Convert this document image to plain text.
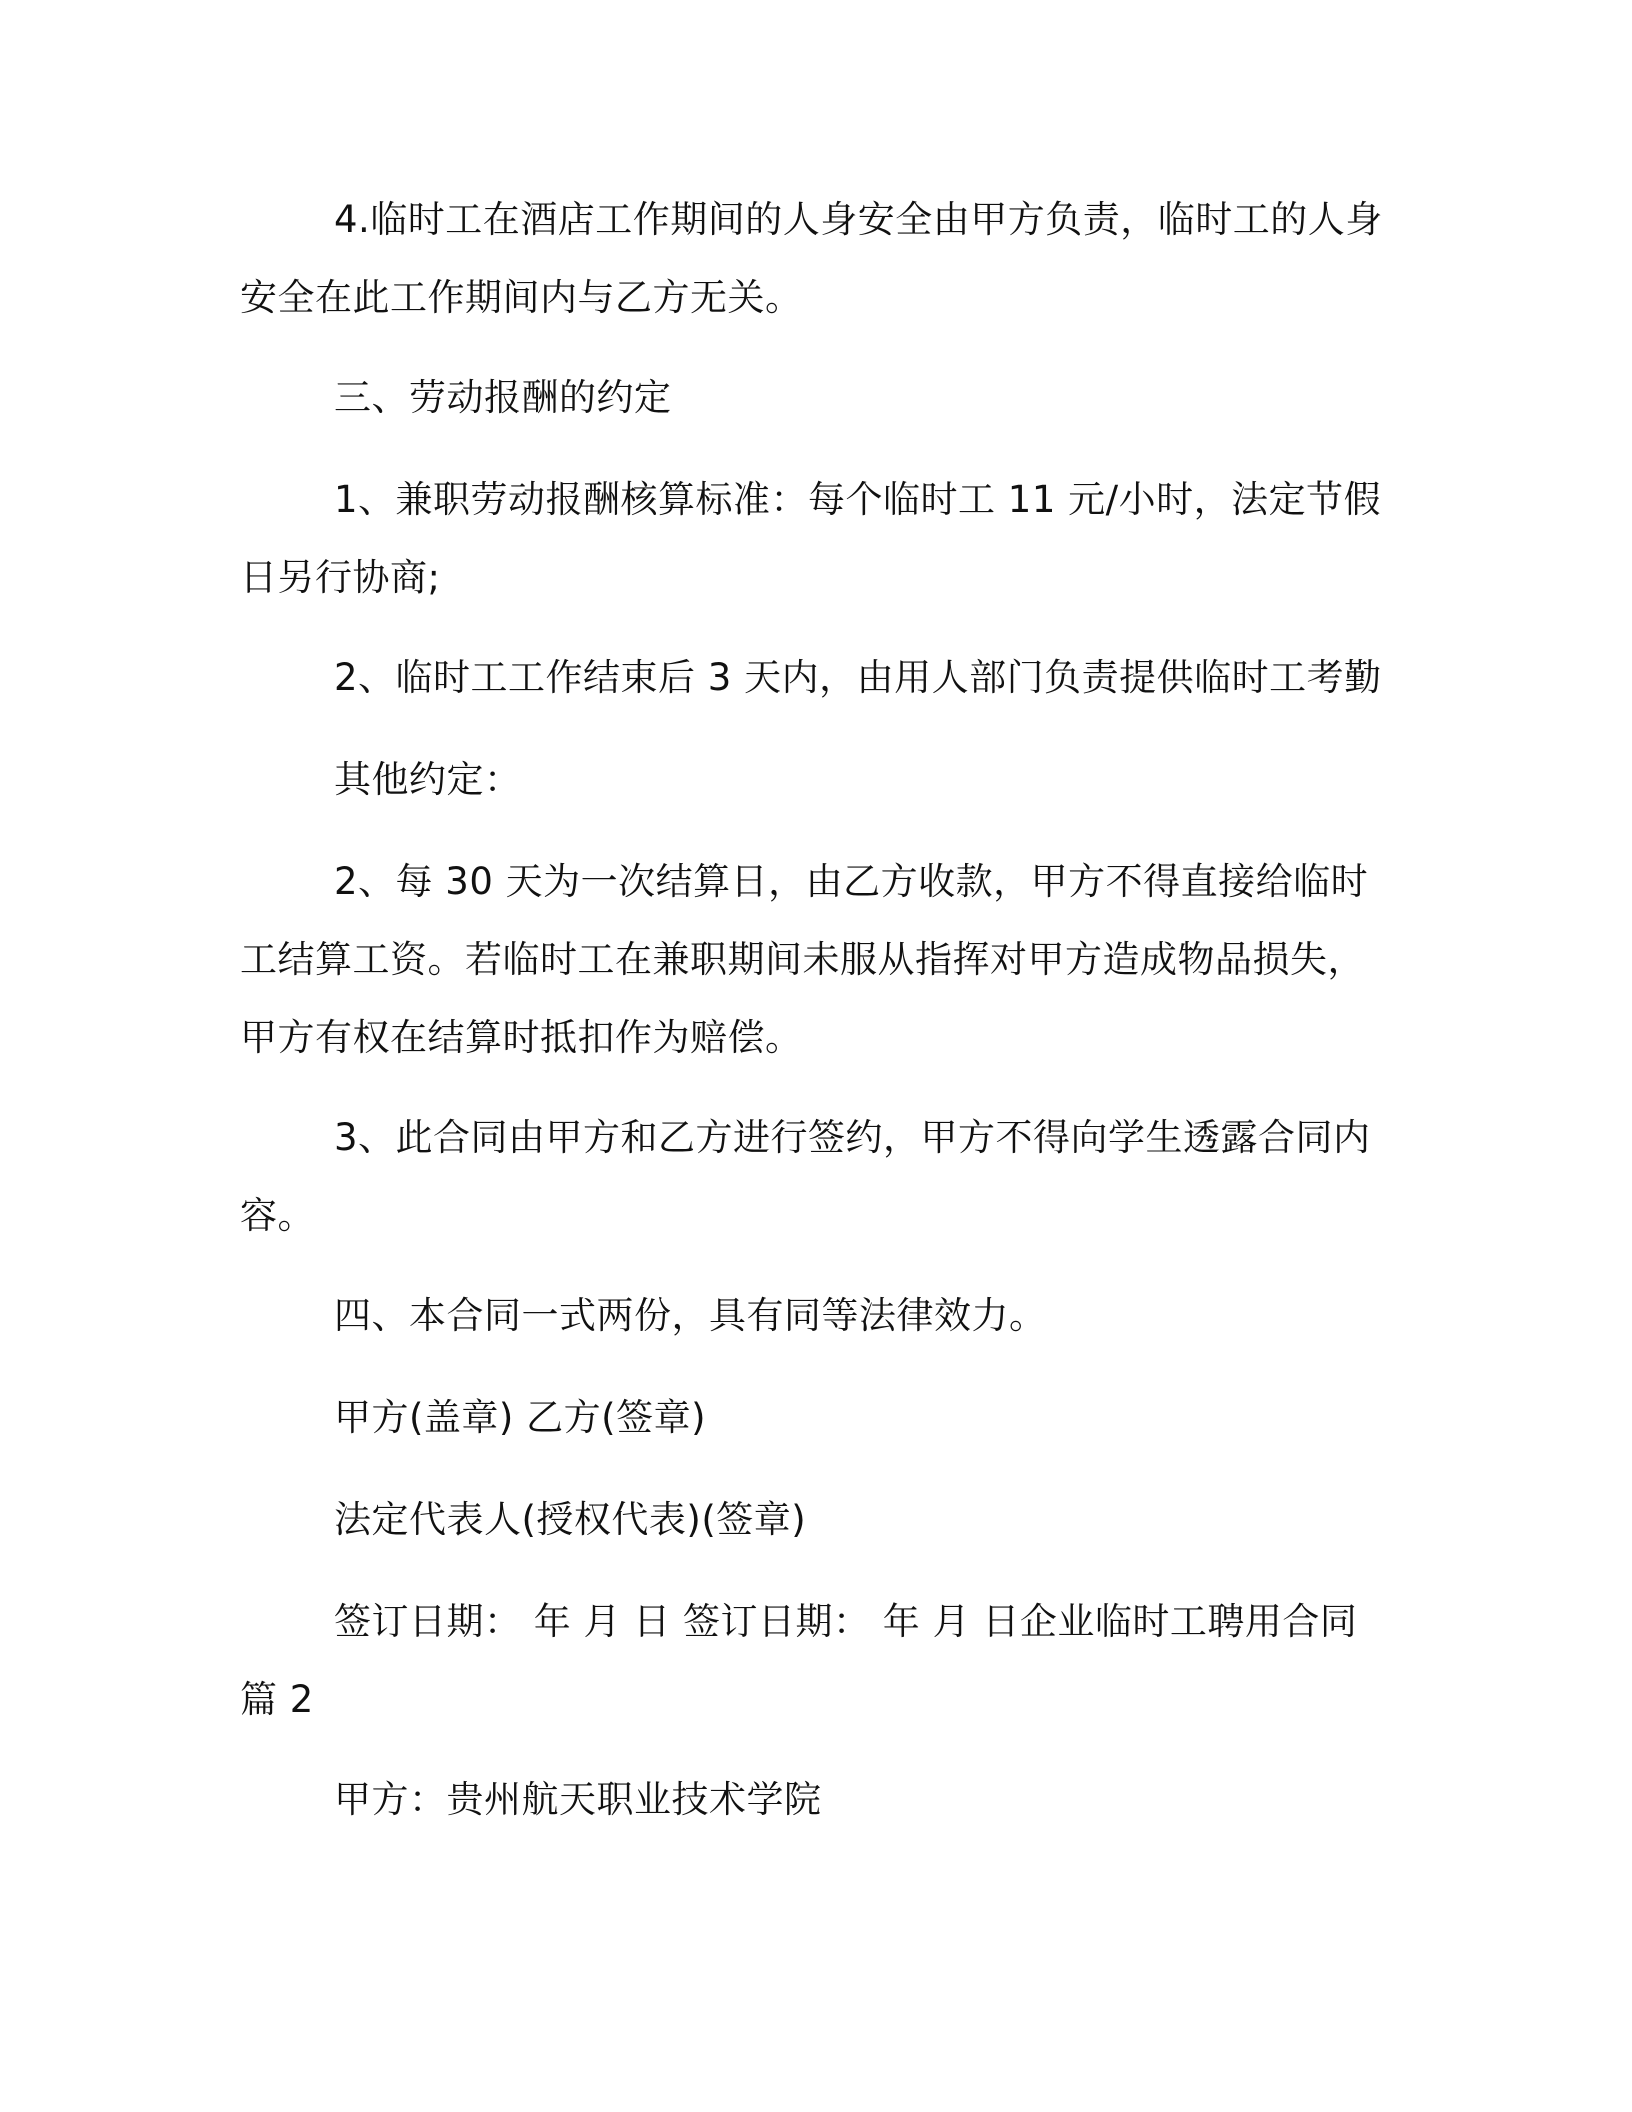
4.临时工在酒店工作期间的人身安全由甲方负责，临时工的人身安全在此工作期间内与乙方无关。

三、劳动报酬的约定

1、兼职劳动报酬核算标准：每个临时工 11 元/小时，法定节假日另行协商;

2、临时工工作结束后 3 天内，由用人部门负责提供临时工考勤

其他约定：

2、每 30 天为一次结算日，由乙方收款，甲方不得直接给临时工结算工资。若临时工在兼职期间未服从指挥对甲方造成物品损失，甲方有权在结算时抵扣作为赔偿。

3、此合同由甲方和乙方进行签约，甲方不得向学生透露合同内容。

四、本合同一式两份，具有同等法律效力。

甲方(盖章) 乙方(签章)

法定代表人(授权代表)(签章)

签订日期： 年 月 日 签订日期： 年 月 日企业临时工聘用合同 篇 2

甲方：贵州航天职业技术学院
